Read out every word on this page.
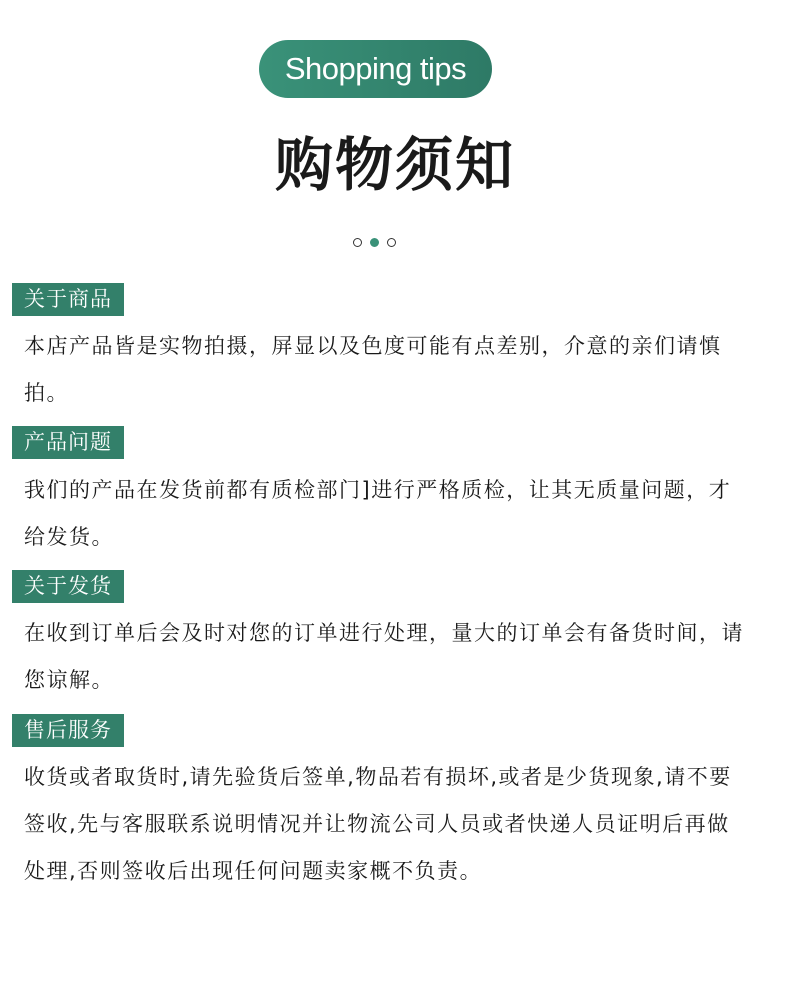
Shopping tips
购物须知
关于商品

本店产品皆是实物拍摄，屏显以及色度可能有点差别，介意的亲们请慎拍。

产品问题

我们的产品在发货前都有质检部门]进行严格质检，让其无质量问题，才给发货。

关于发货

在收到订单后会及时对您的订单进行处理，量大的订单会有备货时间，请您谅解。

售后服务

收货或者取货时,请先验货后签单,物品若有损坏,或者是少货现象,请不要签收,先与客服联系说明情况并让物流公司人员或者快递人员证明后再做处理,否则签收后出现任何问题卖家概不负责。
